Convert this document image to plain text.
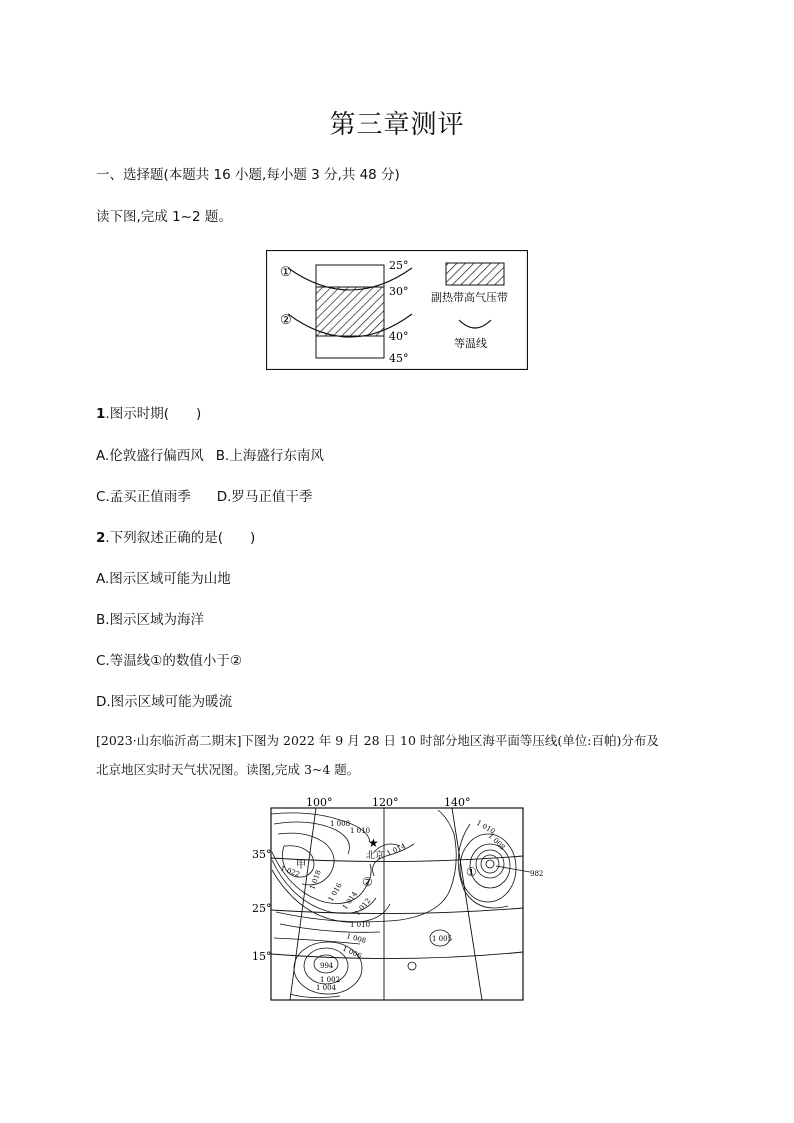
第三章测评
一、选择题(本题共 16 小题,每小题 3 分,共 48 分)
读下图,完成 1~2 题。
①
②
25°
30°
40°
45°
副热带高气压带
等温线
1.图示时期(　　)
A.伦敦盛行偏西风 B.上海盛行东南风
C.孟买正值雨季 D.罗马正值干季
2.下列叙述正确的是(　　)
A.图示区域可能为山地
B.图示区域为海洋
C.等温线①的数值小于②
D.图示区域可能为暖流
[2023·山东临沂高二期末]下图为 2022 年 9 月 28 日 10 时部分地区海平面等压线(单位:百帕)分布及
北京地区实时天气状况图。读图,完成 3~4 题。
100°	120°	140°
35°
25°
15°
★
北京
甲	①
②
1 008
1 010
1 014
1 022 1 018
1 016
1 014
1 012
1 010
1 008
1 006
994
1 002
1 004
1 005
1 010
1 008
982
